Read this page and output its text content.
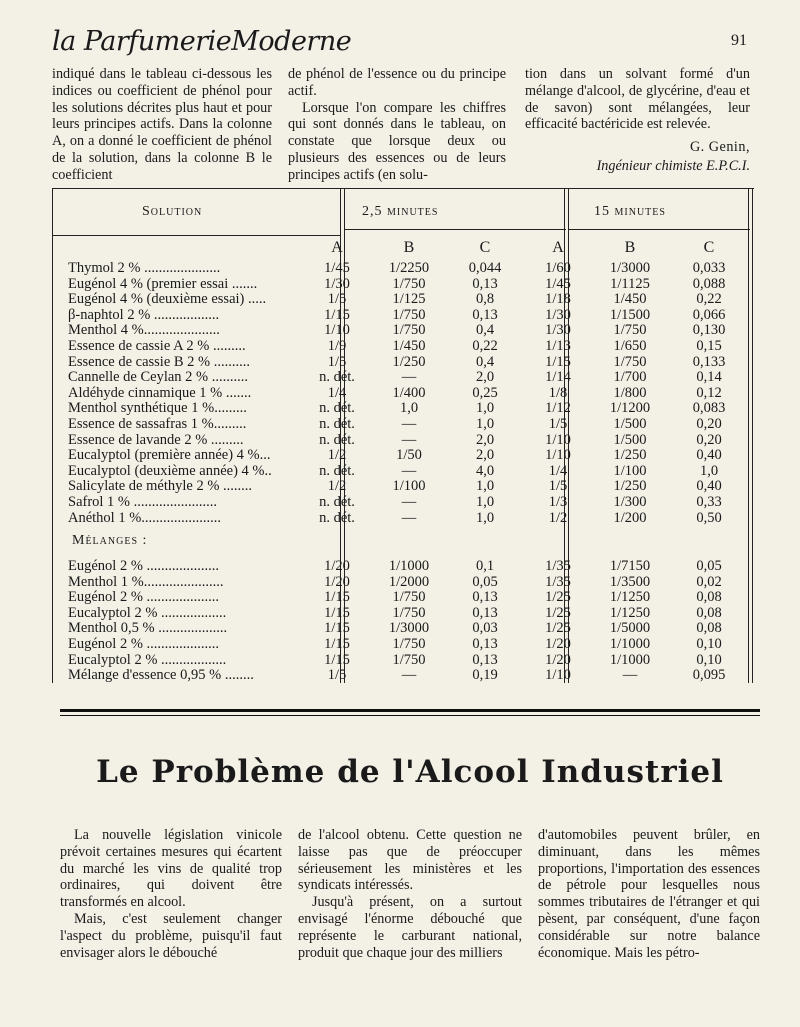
la ParfumerieModerne	91

indiqué dans le tableau ci-dessous les indices ou coefficient de phénol pour les solutions décrites plus haut et pour leurs principes actifs. Dans la colonne A, on a donné le coefficient de phénol de la solution, dans la colonne B le coefficient

de phénol de l'essence ou du principe actif.

Lorsque l'on compare les chiffres qui sont donnés dans le tableau, on constate que lorsque deux ou plusieurs des essences ou de leurs principes actifs (en solu-

tion dans un solvant formé d'un mélange d'alcool, de glycérine, d'eau et de savon) sont mélangées, leur efficacité bactéricide est relevée.

G. Genin,
Ingénieur chimiste E.P.C.I.
Solution	2,5 minutes	15 minutes
A	B	C	A	B	C
Mélanges :
Thymol 2 % .....................	1/45	1/2250	0,044	1/60	1/3000	0,033
Eugénol 4 % (premier essai .......	1/30	1/750	0,13	1/45	1/1125	0,088
Eugénol 4 % (deuxième essai) .....	1/5	1/125	0,8	1/18	1/450	0,22
β-naphtol 2 % ..................	1/15	1/750	0,13	1/30	1/1500	0,066
Menthol 4 %.....................	1/10	1/750	0,4	1/30	1/750	0,130
Essence de cassie A 2 % .........	1/9	1/450	0,22	1/13	1/650	0,15
Essence de cassie B 2 % ..........	1/5	1/250	0,4	1/15	1/750	0,133
Cannelle de Ceylan 2 % ..........	n. dét.	—	2,0	1/14	1/700	0,14
Aldéhyde cinnamique 1 % .......	1/4	1/400	0,25	1/8	1/800	0,12
Menthol synthétique 1 %.........	n. dét.	1,0	1,0	1/12	1/1200	0,083
Essence de sassafras 1 %.........	n. dét.	—	1,0	1/5	1/500	0,20
Essence de lavande 2 % .........	n. dét.	—	2,0	1/10	1/500	0,20
Eucalyptol (première année) 4 %...	1/2	1/50	2,0	1/10	1/250	0,40
Eucalyptol (deuxième année) 4 %..	n. dét.	—	4,0	1/4	1/100	1,0
Salicylate de méthyle 2 % ........	1/2	1/100	1,0	1/5	1/250	0,40
Safrol 1 % .......................	n. dét.	—	1,0	1/3	1/300	0,33
Anéthol 1 %......................	n. dét.	—	1,0	1/2	1/200	0,50
Eugénol 2 % ....................	1/20	1/1000	0,1	1/35	1/7150	0,05
Menthol 1 %......................	1/20	1/2000	0,05	1/35	1/3500	0,02
Eugénol 2 % ....................	1/15	1/750	0,13	1/25	1/1250	0,08
Eucalyptol 2 % ..................	1/15	1/750	0,13	1/25	1/1250	0,08
Menthol 0,5 % ...................	1/15	1/3000	0,03	1/25	1/5000	0,08
Eugénol 2 % ....................	1/15	1/750	0,13	1/20	1/1000	0,10
Eucalyptol 2 % ..................	1/15	1/750	0,13	1/20	1/1000	0,10
Mélange d'essence 0,95 % ........	1/5	—	0,19	1/10	—	0,095
Le Problème de l'Alcool Industriel

La nouvelle législation vinicole prévoit certaines mesures qui écartent du marché les vins de qualité trop ordinaires, qui doivent être transformés en alcool.

Mais, c'est seulement changer l'aspect du problème, puisqu'il faut envisager alors le débouché

de l'alcool obtenu. Cette question ne laisse pas que de préoccuper sérieusement les ministères et les syndicats intéressés.

Jusqu'à présent, on a surtout envisagé l'énorme débouché que représente le carburant national, produit que chaque jour des milliers

d'automobiles peuvent brûler, en diminuant, dans les mêmes proportions, l'importation des essences de pétrole pour lesquelles nous sommes tributaires de l'étranger et qui pèsent, par conséquent, d'une façon considérable sur notre balance économique. Mais les pétro-
